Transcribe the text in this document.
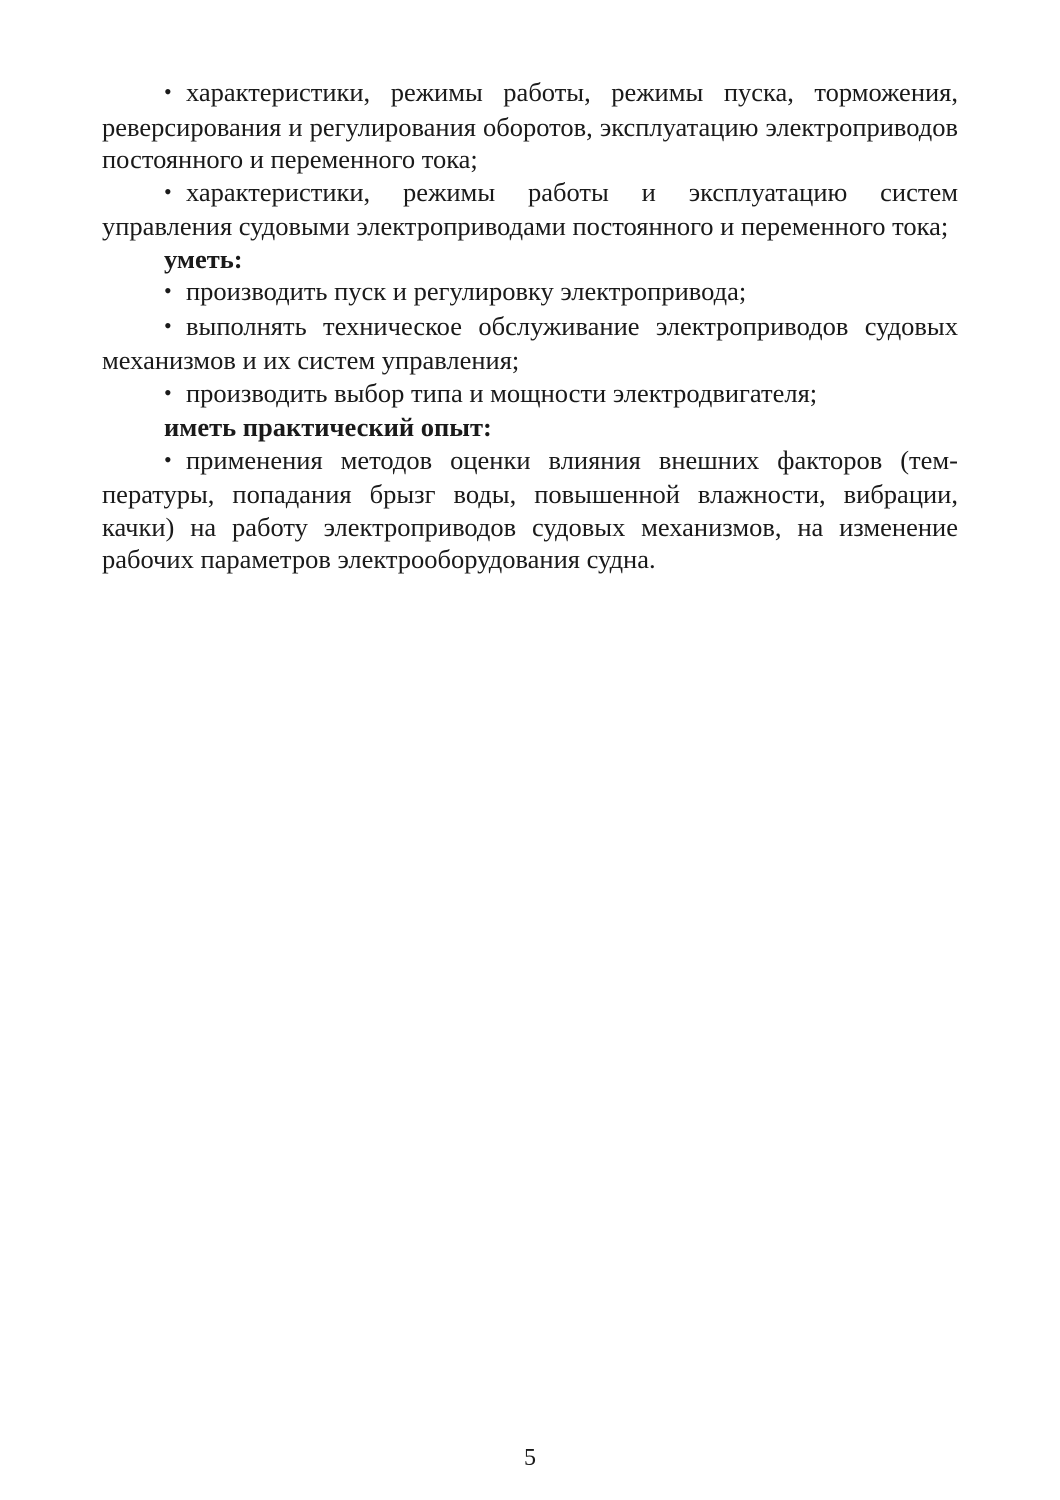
• характеристики, режимы работы, режимы пуска, торможения, реверсирования и регулирования оборотов, эксплуатацию электроприводов постоянного и переменного тока;

• характеристики, режимы работы и эксплуатацию систем управления судовыми электроприводами постоянного и переменного тока;

уметь:

• производить пуск и регулировку электропривода;

• выполнять техническое обслуживание электроприводов судовых механизмов и их систем управления;

• производить выбор типа и мощности электродвигателя;

иметь практический опыт:

• применения методов оценки влияния внешних факторов (температуры, попадания брызг воды, повышенной влажности, вибрации, качки) на работу электроприводов судовых механизмов, на изменение рабочих параметров электрооборудования судна.

5
